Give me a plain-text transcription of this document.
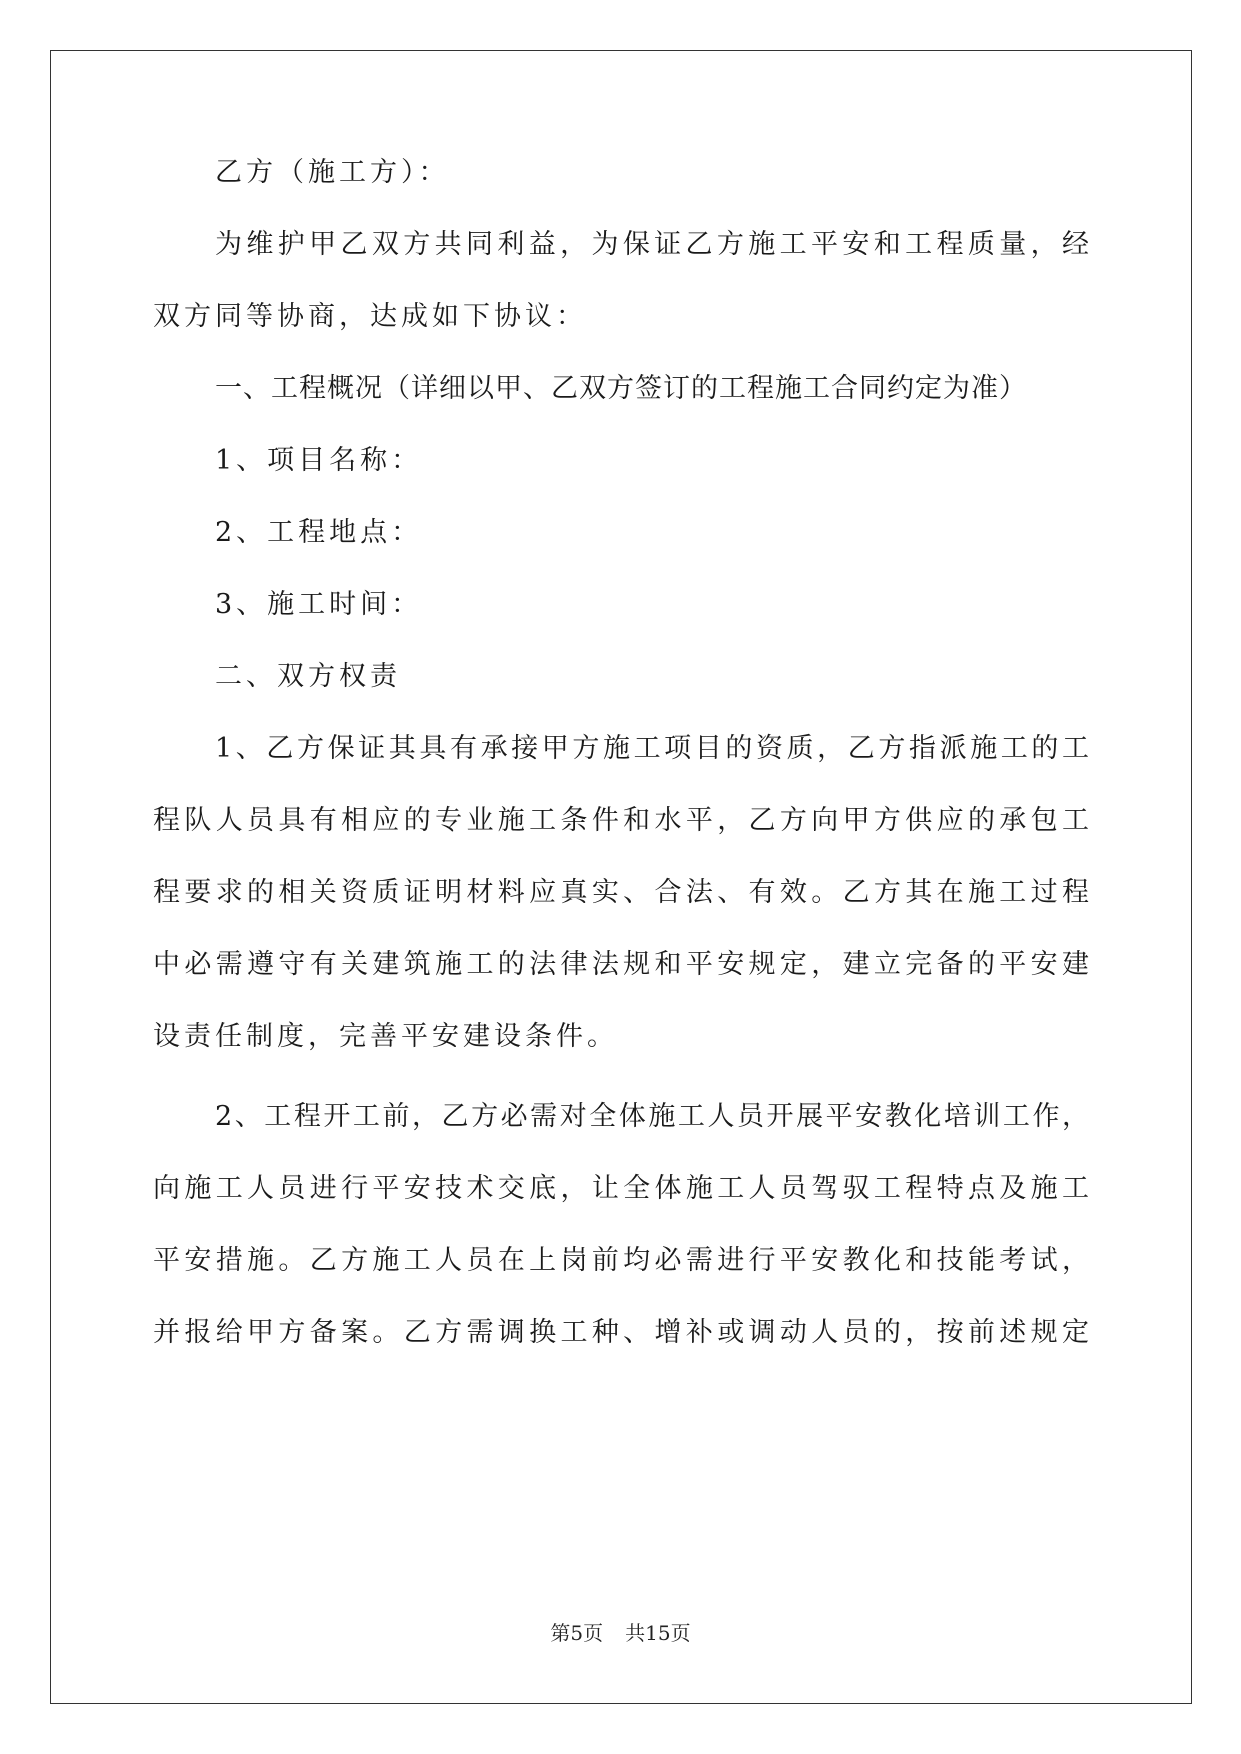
乙方（施工方）：
为维护甲乙双方共同利益，为保证乙方施工平安和工程质量，经
双方同等协商，达成如下协议：
一、工程概况（详细以甲、乙双方签订的工程施工合同约定为准）
1、项目名称：
2、工程地点：
3、施工时间：
二、双方权责
1、乙方保证其具有承接甲方施工项目的资质，乙方指派施工的工
程队人员具有相应的专业施工条件和水平，乙方向甲方供应的承包工
程要求的相关资质证明材料应真实、合法、有效。乙方其在施工过程
中必需遵守有关建筑施工的法律法规和平安规定，建立完备的平安建
设责任制度，完善平安建设条件。
2、工程开工前，乙方必需对全体施工人员开展平安教化培训工作，
向施工人员进行平安技术交底，让全体施工人员驾驭工程特点及施工
平安措施。乙方施工人员在上岗前均必需进行平安教化和技能考试，
并报给甲方备案。乙方需调换工种、增补或调动人员的，按前述规定
第5页 共15页
